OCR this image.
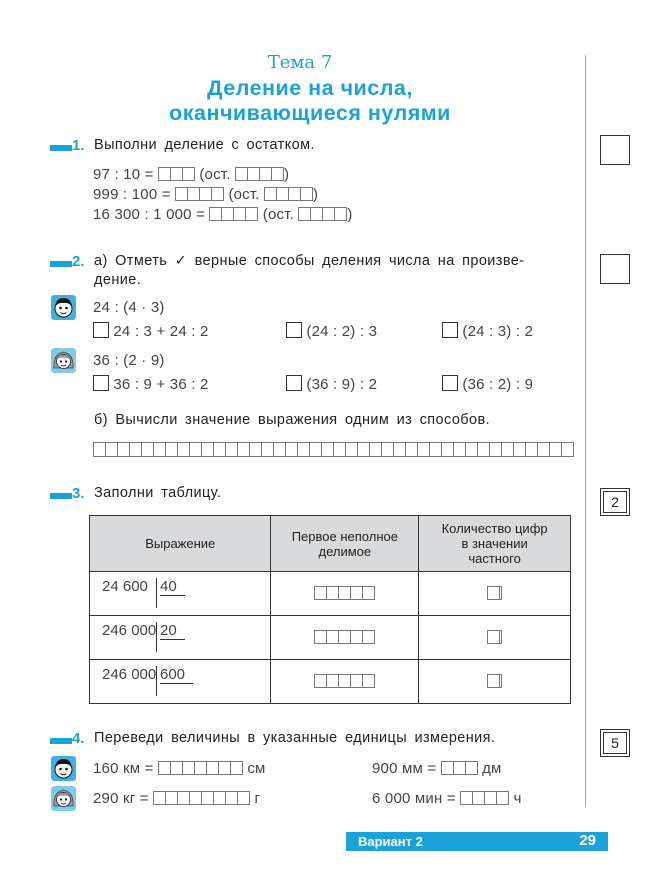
Тема 7
Деление на числа,
оканчивающиеся нулями
2
5
1. Выполни деление с остатком.
97 : 10 =	(ост.	)
999 : 100 =	(ост.	)
16 300 : 1 000 =	(ост.	)
2. а) Отметь ✓ верные способы деления числа на произве-
дение.
24 : (4 · 3)
24 : 3 + 24 : 2	(24 : 2) : 3	(24 : 3) : 2
36 : (2 · 9)
36 : 9 + 36 : 2	(36 : 9) : 2	(36 : 2) : 9
б) Вычисли значение выражения одним из способов.
3. Заполни таблицу.
Выражение	Первое неполное делимое	Количество цифр в значении частного

24 600 40		

246 000 20		

246 000 600		

4. Переведи величины в указанные единицы измерения.
160 км =	см	900 мм =	дм
290 кг =	г	6 000 мин =	ч
Вариант 2	29
